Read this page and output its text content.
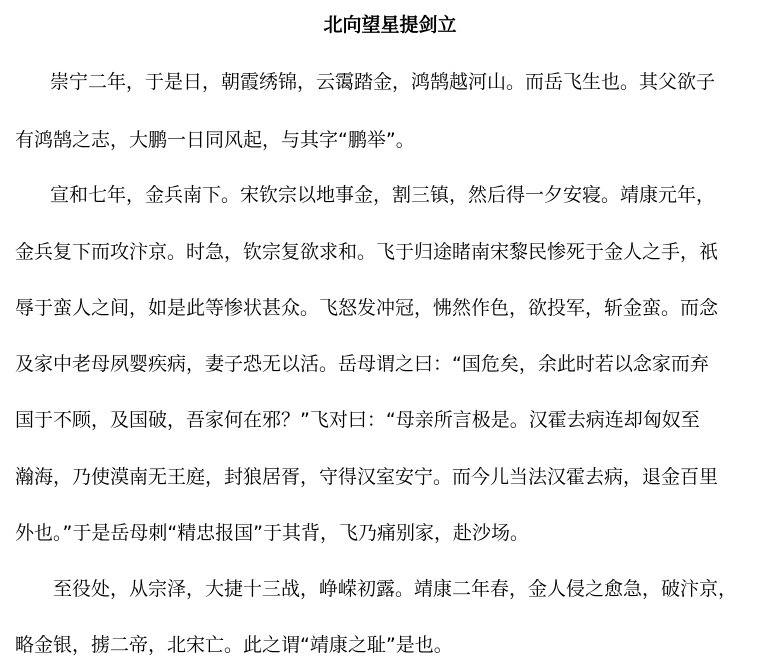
北向望星提剑立
崇宁二年，于是日，朝霞绣锦，云霭踏金，鸿鹄越河山。而岳飞生也。其父欲子
有鸿鹄之志，大鹏一日同风起，与其字“鹏举”。
宣和七年，金兵南下。宋钦宗以地事金，割三镇，然后得一夕安寝。靖康元年，
金兵复下而攻汴京。时急，钦宗复欲求和。飞于归途睹南宋黎民惨死于金人之手，祇
辱于蛮人之间，如是此等惨状甚众。飞怒发冲冠，怫然作色，欲投军，斩金蛮。而念
及家中老母夙婴疾病，妻子恐无以活。岳母谓之曰：“国危矣，余此时若以念家而弃
国于不顾，及国破，吾家何在邪？”飞对曰：“母亲所言极是。汉霍去病连却匈奴至
瀚海，乃使漠南无王庭，封狼居胥，守得汉室安宁。而今儿当法汉霍去病，退金百里
外也。”于是岳母刺“精忠报国”于其背，飞乃痛别家，赴沙场。
至役处，从宗泽，大捷十三战，峥嵘初露。靖康二年春，金人侵之愈急，破汴京，
略金银，掳二帝，北宋亡。此之谓“靖康之耻”是也。
